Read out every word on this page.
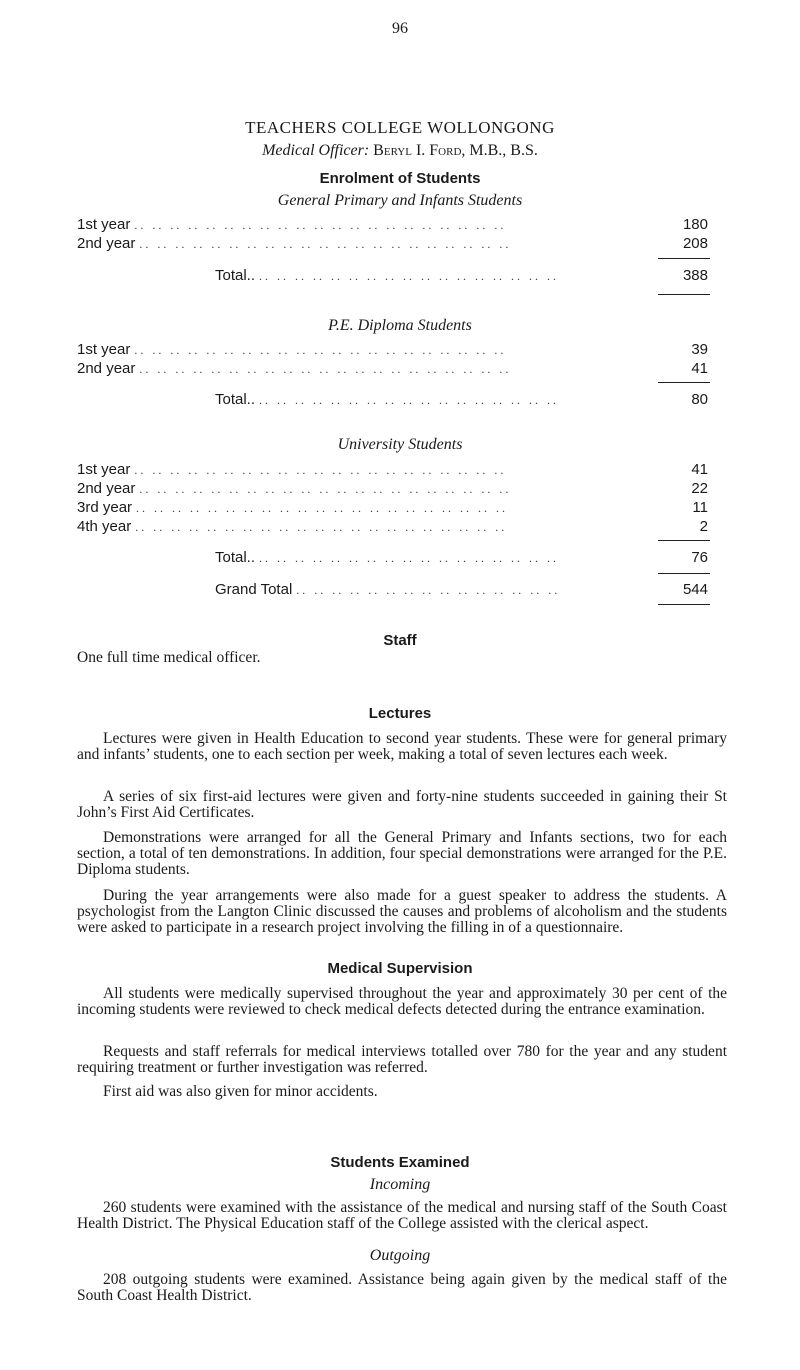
96
TEACHERS COLLEGE WOLLONGONG
Medical Officer: Beryl I. Ford, M.B., B.S.
Enrolment of Students
General Primary and Infants Students
1st year .. .. .. .. .. .. .. .. .. .. .. .. .. .. .. .. .. .. .. .. ..	180
2nd year .. .. .. .. .. .. .. .. .. .. .. .. .. .. .. .. .. .. .. .. ..	208
Total.. .. .. .. .. .. .. .. .. .. .. .. .. .. .. .. .. ..	388
P.E. Diploma Students
1st year .. .. .. .. .. .. .. .. .. .. .. .. .. .. .. .. .. .. .. .. ..	39
2nd year .. .. .. .. .. .. .. .. .. .. .. .. .. .. .. .. .. .. .. .. ..	41
Total.. .. .. .. .. .. .. .. .. .. .. .. .. .. .. .. .. ..	80
University Students
1st year .. .. .. .. .. .. .. .. .. .. .. .. .. .. .. .. .. .. .. .. ..	41
2nd year .. .. .. .. .. .. .. .. .. .. .. .. .. .. .. .. .. .. .. .. ..	22
3rd year .. .. .. .. .. .. .. .. .. .. .. .. .. .. .. .. .. .. .. .. ..	11
4th year .. .. .. .. .. .. .. .. .. .. .. .. .. .. .. .. .. .. .. .. ..	2
Total.. .. .. .. .. .. .. .. .. .. .. .. .. .. .. .. .. ..	76
Grand Total .. .. .. .. .. .. .. .. .. .. .. .. .. .. ..	544
Staff
One full time medical officer.
Lectures
Lectures were given in Health Education to second year students. These were for general primary and infants’ students, one to each section per week, making a total of seven lectures each week.
A series of six first-aid lectures were given and forty-nine students succeeded in gaining their St John’s First Aid Certificates.
Demonstrations were arranged for all the General Primary and Infants sections, two for each section, a total of ten demonstrations. In addition, four special demonstrations were arranged for the P.E. Diploma students.
During the year arrangements were also made for a guest speaker to address the students. A psychologist from the Langton Clinic discussed the causes and problems of alcoholism and the students were asked to participate in a research project involving the filling in of a questionnaire.
Medical Supervision
All students were medically supervised throughout the year and approximately 30 per cent of the incoming students were reviewed to check medical defects detected during the entrance examination.
Requests and staff referrals for medical interviews totalled over 780 for the year and any student requiring treatment or further investigation was referred.
First aid was also given for minor accidents.
Students Examined
Incoming
260 students were examined with the assistance of the medical and nursing staff of the South Coast Health District. The Physical Education staff of the College assisted with the clerical aspect.
Outgoing
208 outgoing students were examined. Assistance being again given by the medical staff of the South Coast Health District.
